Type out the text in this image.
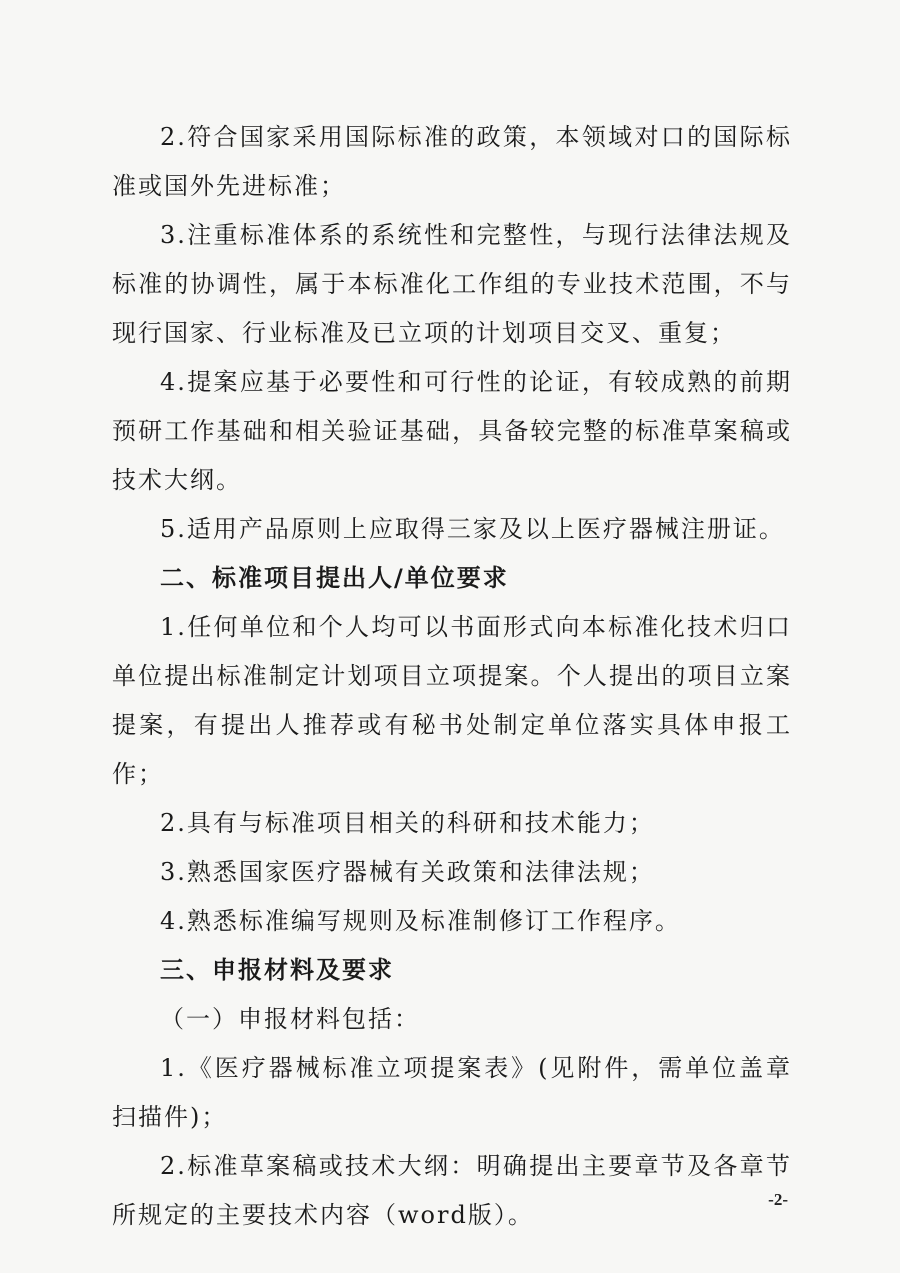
2.符合国家采用国际标准的政策，本领域对口的国际标准或国外先进标准；

3.注重标准体系的系统性和完整性，与现行法律法规及标准的协调性，属于本标准化工作组的专业技术范围，不与现行国家、行业标准及已立项的计划项目交叉、重复；

4.提案应基于必要性和可行性的论证，有较成熟的前期预研工作基础和相关验证基础，具备较完整的标准草案稿或技术大纲。

5.适用产品原则上应取得三家及以上医疗器械注册证。

二、标准项目提出人/单位要求

1.任何单位和个人均可以书面形式向本标准化技术归口单位提出标准制定计划项目立项提案。个人提出的项目立案提案，有提出人推荐或有秘书处制定单位落实具体申报工作；

2.具有与标准项目相关的科研和技术能力；

3.熟悉国家医疗器械有关政策和法律法规；

4.熟悉标准编写规则及标准制修订工作程序。

三、申报材料及要求

（一）申报材料包括：

1.《医疗器械标准立项提案表》(见附件，需单位盖章扫描件)；

2.标准草案稿或技术大纲：明确提出主要章节及各章节所规定的主要技术内容（word版）。

-2-
